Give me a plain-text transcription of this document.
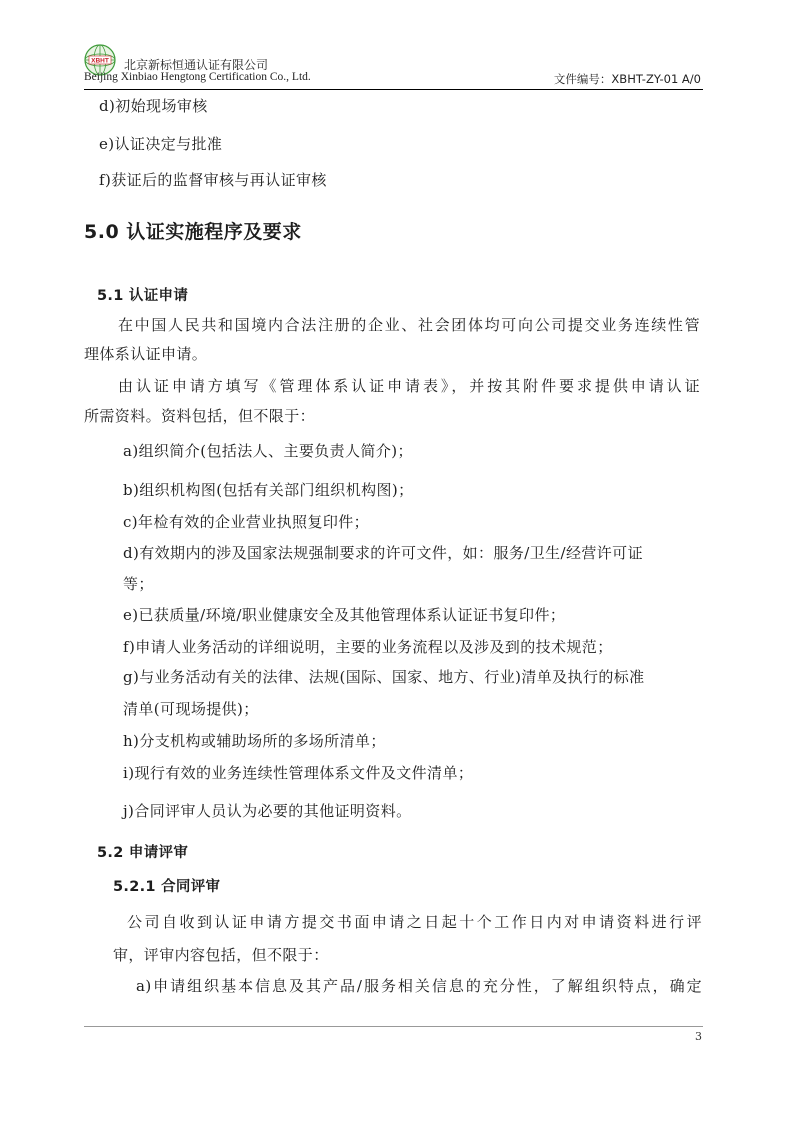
XBHT 北京新标恒通认证有限公司
Beijing Xinbiao Hengtong Certification Co., Ltd.	文件编号：XBHT-ZY-01 A/0
d)初始现场审核
e)认证决定与批准
f)获证后的监督审核与再认证审核
5.0 认证实施程序及要求
5.1 认证申请
在中国人民共和国境内合法注册的企业、社会团体均可向公司提交业务连续性管
理体系认证申请。
由认证申请方填写《管理体系认证申请表》，并按其附件要求提供申请认证
所需资料。资料包括，但不限于：
a)组织简介(包括法人、主要负责人简介)；
b)组织机构图(包括有关部门组织机构图)；
c)年检有效的企业营业执照复印件；
d)有效期内的涉及国家法规强制要求的许可文件，如：服务/卫生/经营许可证
等；
e)已获质量/环境/职业健康安全及其他管理体系认证证书复印件；
f)申请人业务活动的详细说明，主要的业务流程以及涉及到的技术规范；
g)与业务活动有关的法律、法规(国际、国家、地方、行业)清单及执行的标准
清单(可现场提供)；
h)分支机构或辅助场所的多场所清单；
i)现行有效的业务连续性管理体系文件及文件清单；
j)合同评审人员认为必要的其他证明资料。
5.2 申请评审
5.2.1 合同评审
公司自收到认证申请方提交书面申请之日起十个工作日内对申请资料进行评
审，评审内容包括，但不限于：
a)申请组织基本信息及其产品/服务相关信息的充分性，了解组织特点，确定
3
